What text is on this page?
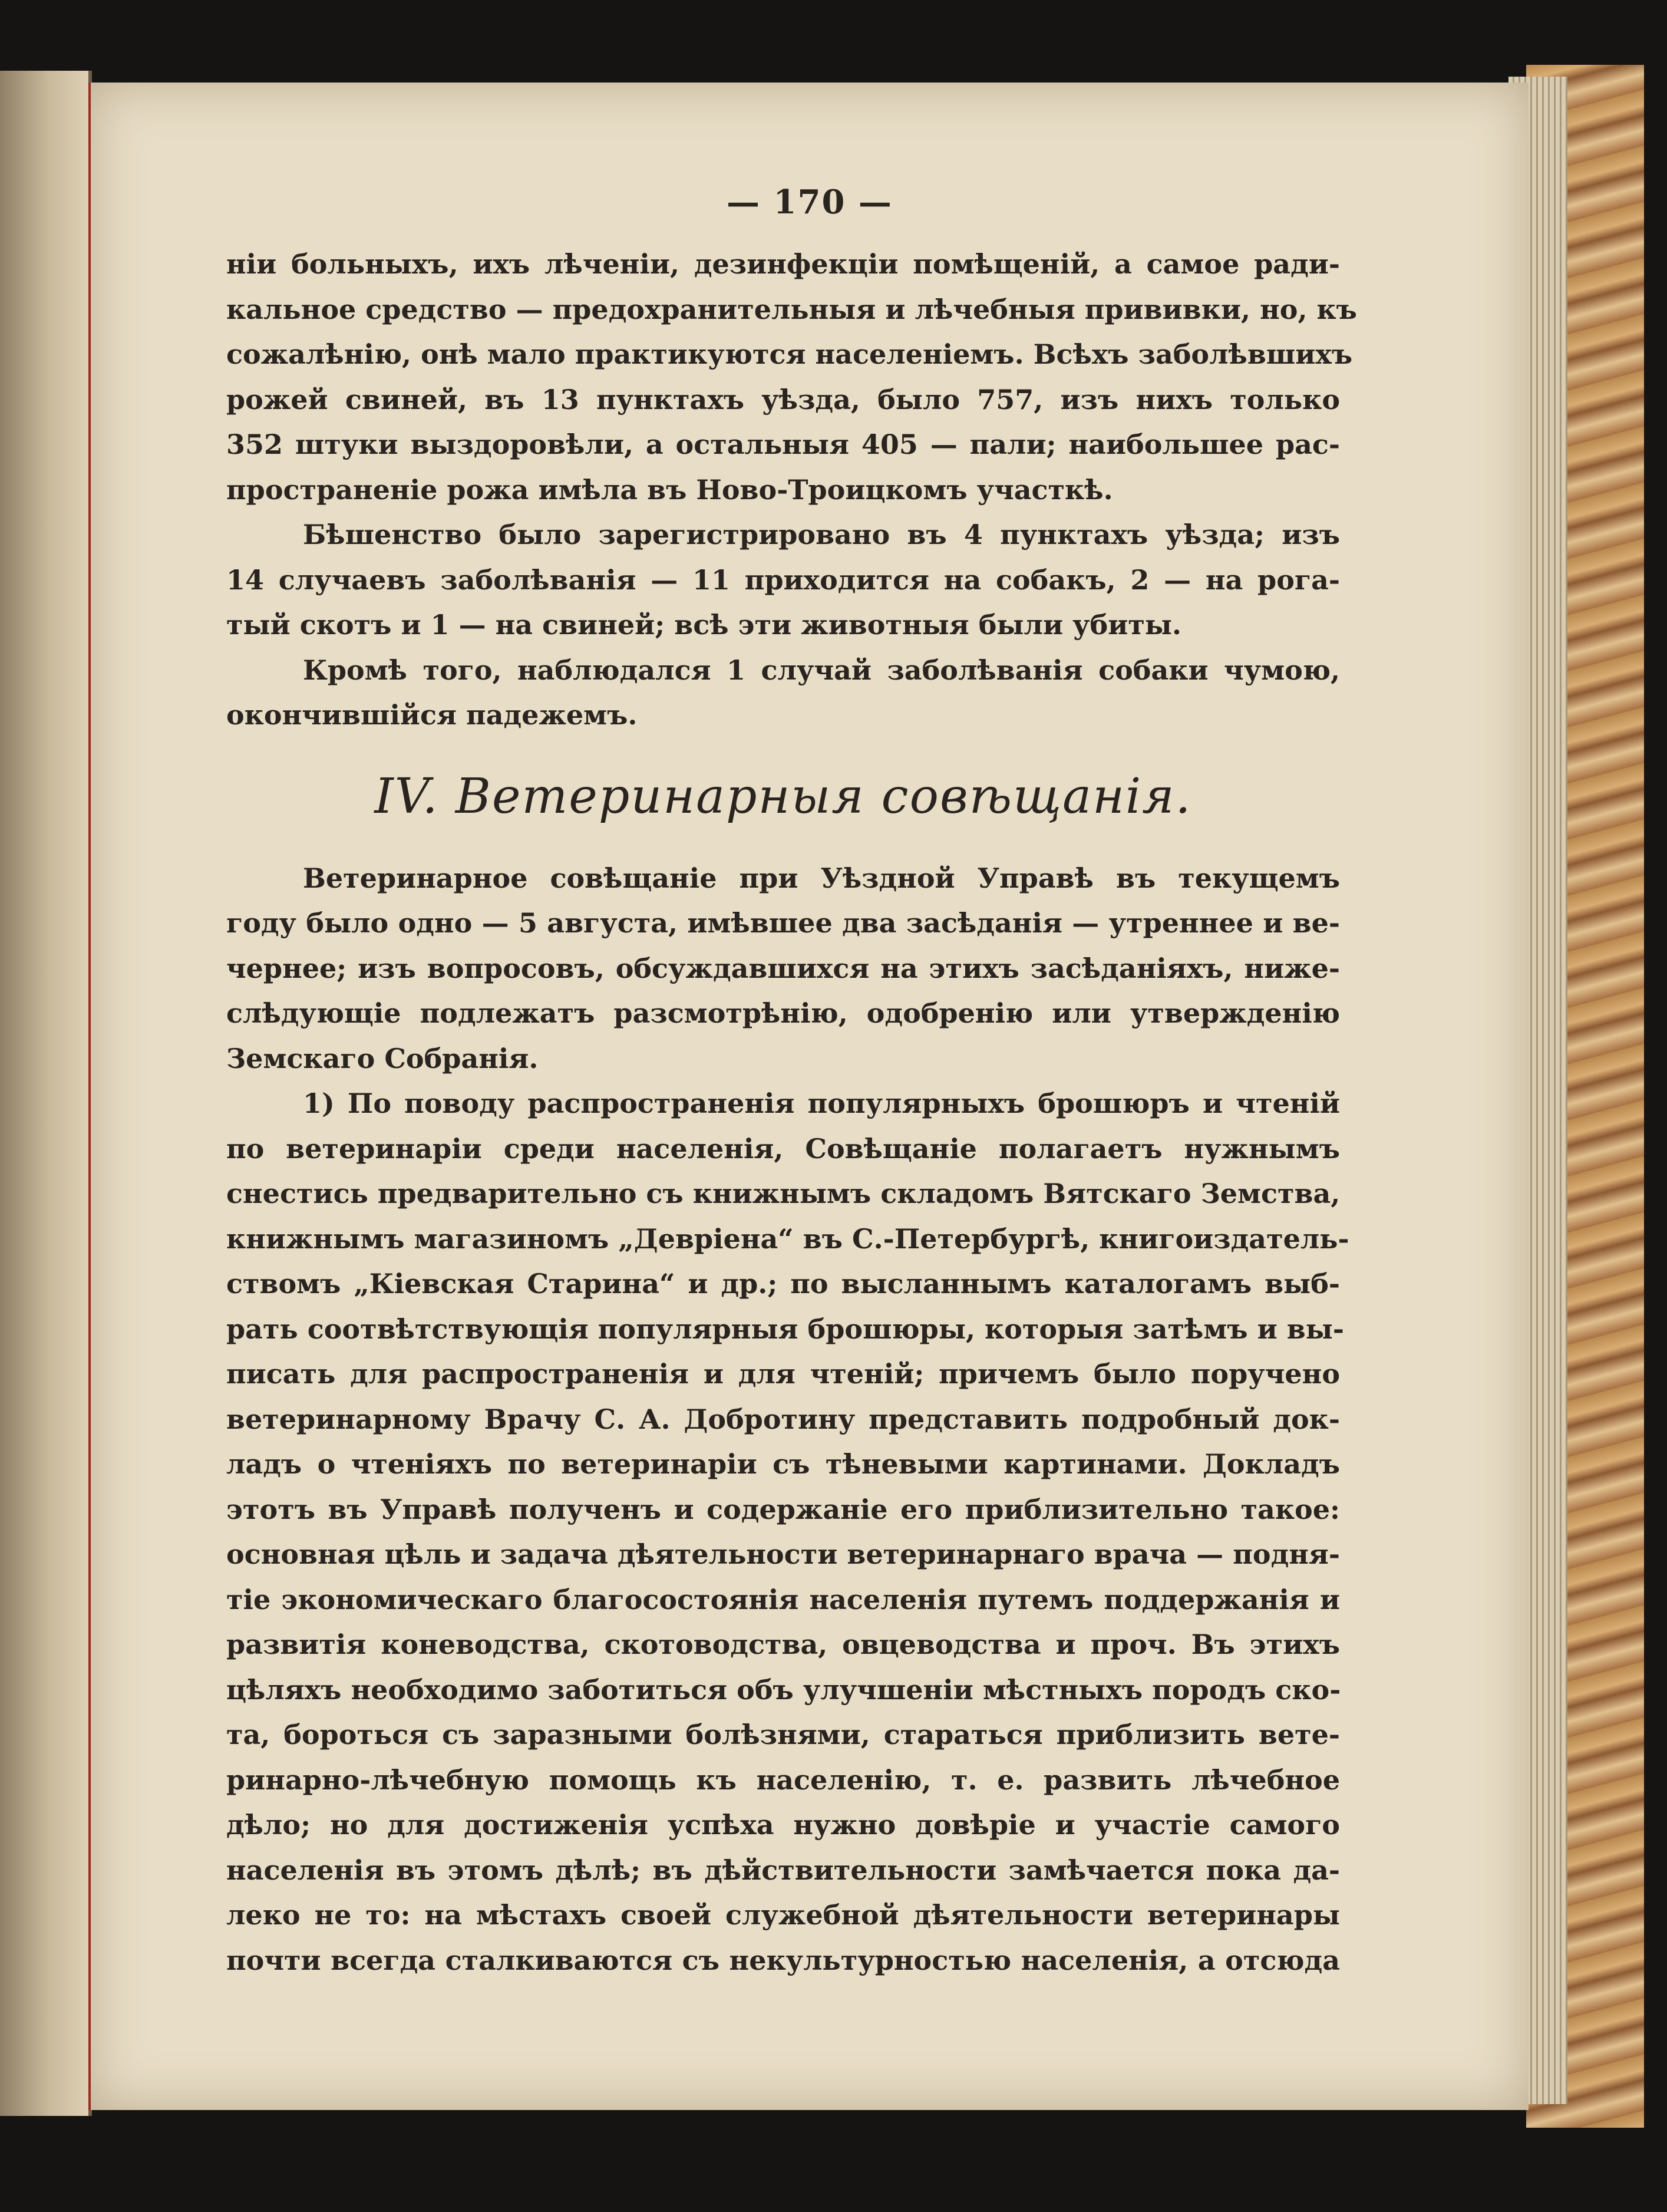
— 170 —
ніи больныхъ, ихъ лѣченіи, дезинфекціи помѣщеній, а самое ради-
кальное средство — предохранительныя и лѣчебныя прививки, но, къ
сожалѣнію, онѣ мало практикуются населеніемъ. Всѣхъ заболѣвшихъ
рожей свиней, въ 13 пунктахъ уѣзда, было 757, изъ нихъ только
352 штуки выздоровѣли, а остальныя 405 — пали; наибольшее рас-
пространеніе рожа имѣла въ Ново-Троицкомъ участкѣ.
Бѣшенство было зарегистрировано въ 4 пунктахъ уѣзда; изъ
14 случаевъ заболѣванія — 11 приходится на собакъ, 2 — на рога-
тый скотъ и 1 — на свиней; всѣ эти животныя были убиты.
Кромѣ того, наблюдался 1 случай заболѣванія собаки чумою,
окончившійся падежемъ.
IV. Ветеринарныя совѣщанія.
Ветеринарное совѣщаніе при Уѣздной Управѣ въ текущемъ
году было одно — 5 августа, имѣвшее два засѣданія — утреннее и ве-
чернее; изъ вопросовъ, обсуждавшихся на этихъ засѣданіяхъ, ниже-
слѣдующіе подлежатъ разсмотрѣнію, одобренію или утвержденію
Земскаго Собранія.
1) По поводу распространенія популярныхъ брошюръ и чтеній
по ветеринаріи среди населенія, Совѣщаніе полагаетъ нужнымъ
снестись предварительно съ книжнымъ складомъ Вятскаго Земства,
книжнымъ магазиномъ „Девріена“ въ С.-Петербургѣ, книгоиздатель-
ствомъ „Кіевская Старина“ и др.; по высланнымъ каталогамъ выб-
рать соотвѣтствующія популярныя брошюры, которыя затѣмъ и вы-
писать для распространенія и для чтеній; причемъ было поручено
ветеринарному Врачу С. А. Добротину представить подробный док-
ладъ о чтеніяхъ по ветеринаріи съ тѣневыми картинами. Докладъ
этотъ въ Управѣ полученъ и содержаніе его приблизительно такое:
основная цѣль и задача дѣятельности ветеринарнаго врача — подня-
тіе экономическаго благосостоянія населенія путемъ поддержанія и
развитія коневодства, скотоводства, овцеводства и проч. Въ этихъ
цѣляхъ необходимо заботиться объ улучшеніи мѣстныхъ породъ ско-
та, бороться съ заразными болѣзнями, стараться приблизить вете-
ринарно-лѣчебную помощь къ населенію, т. е. развить лѣчебное
дѣло; но для достиженія успѣха нужно довѣріе и участіе самого
населенія въ этомъ дѣлѣ; въ дѣйствительности замѣчается пока да-
леко не то: на мѣстахъ своей служебной дѣятельности ветеринары
почти всегда сталкиваются съ некультурностью населенія, а отсюда
